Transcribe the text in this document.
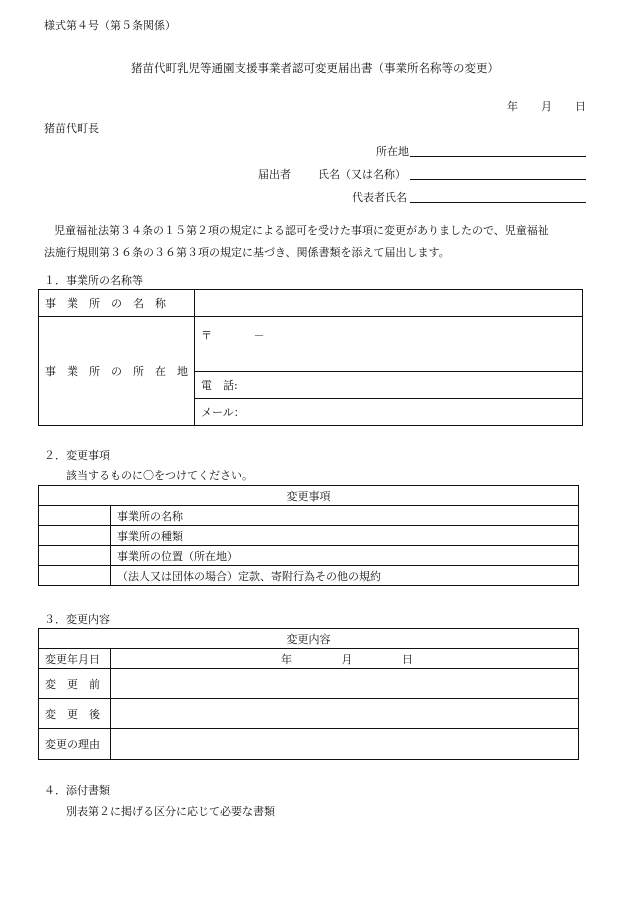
様式第４号（第５条関係）
猪苗代町乳児等通園支援事業者認可変更届出書（事業所名称等の変更）
年 月 日
猪苗代町長
所在地
届出者 氏名（又は名称）
代表者氏名
児童福祉法第３４条の１５第２項の規定による認可を受けた事項に変更がありましたので、児童福祉
法施行規則第３６条の３６第３項の規定に基づき、関係書類を添えて届出します。
１．事業所の名称等
事　業　所　の　名　称	
事　業　所　の　所　在　地	〒 －
	電　話:
	メール：
２．変更事項
該当するものに〇をつけてください。
変更事項	
	事業所の名称
	事業所の種類
	事業所の位置（所在地）
	（法人又は団体の場合）定款、寄附行為その他の規約
３．変更内容
変更内容	
変更年月日	年 月 日
変　更　前	
変　更　後	
変更の理由	
４．添付書類
別表第２に掲げる区分に応じて必要な書類
